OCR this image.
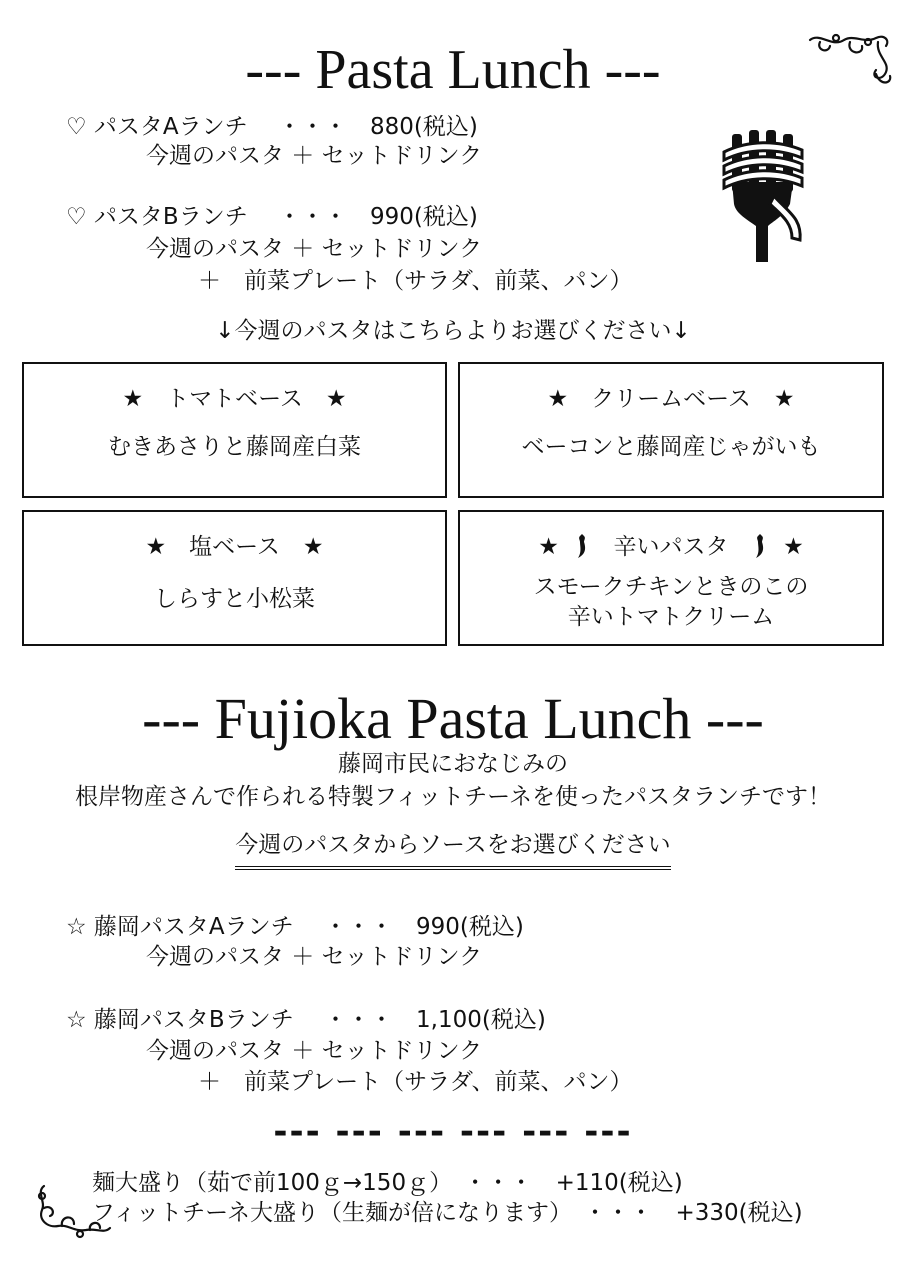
--- Pasta Lunch ---
♡ パスタAランチ　 ・・・　880(税込)
今週のパスタ ＋ セットドリンク
♡ パスタBランチ　 ・・・　990(税込)
今週のパスタ ＋ セットドリンク
＋　前菜プレート（サラダ、前菜、パン）
↓今週のパスタはこちらよりお選びください↓
★　トマトベース　★
むきあさりと藤岡産白菜
★　クリームベース　★
ベーコンと藤岡産じゃがいも
★　塩ベース　★
しらすと小松菜
★ 辛いパスタ ★
スモークチキンときのこの
辛いトマトクリーム
--- Fujioka Pasta Lunch ---
藤岡市民におなじみの
根岸物産さんで作られる特製フィットチーネを使ったパスタランチです！
今週のパスタからソースをお選びください
☆ 藤岡パスタAランチ　 ・・・　990(税込)
今週のパスタ ＋ セットドリンク
☆ 藤岡パスタBランチ　 ・・・　1,100(税込)
今週のパスタ ＋ セットドリンク
＋　前菜プレート（サラダ、前菜、パン）
--- --- --- --- --- ---
麺大盛り（茹で前100ｇ→150ｇ）　・・・　+110(税込)
フィットチーネ大盛り（生麺が倍になります）　・・・　+330(税込)
